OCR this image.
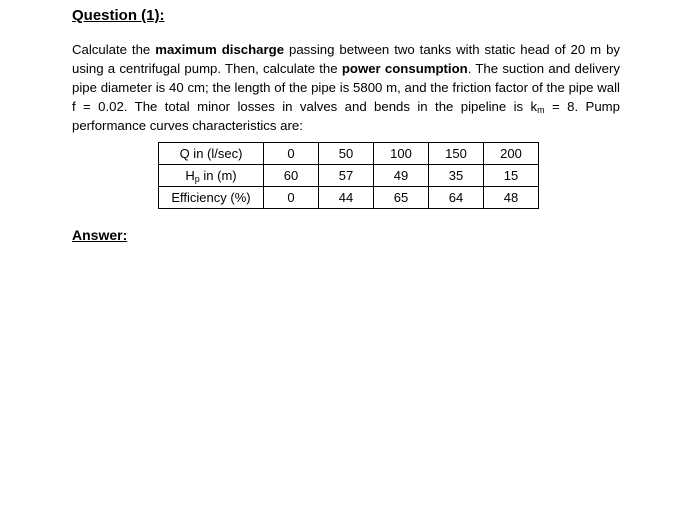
Question (1):

Calculate the maximum discharge passing between two tanks with static head of 20 m by using a centrifugal pump. Then, calculate the power consumption. The suction and delivery pipe diameter is 40 cm; the length of the pipe is 5800 m, and the friction factor of the pipe wall f = 0.02. The total minor losses in valves and bends in the pipeline is $k_m = 8$. Pump performance curves characteristics are:

Q in (l/sec)	0	50	100	150	200
$H_p$ in (m)	60	57	49	35	15
Efficiency (%)	0	44	65	64	48
Answer:
